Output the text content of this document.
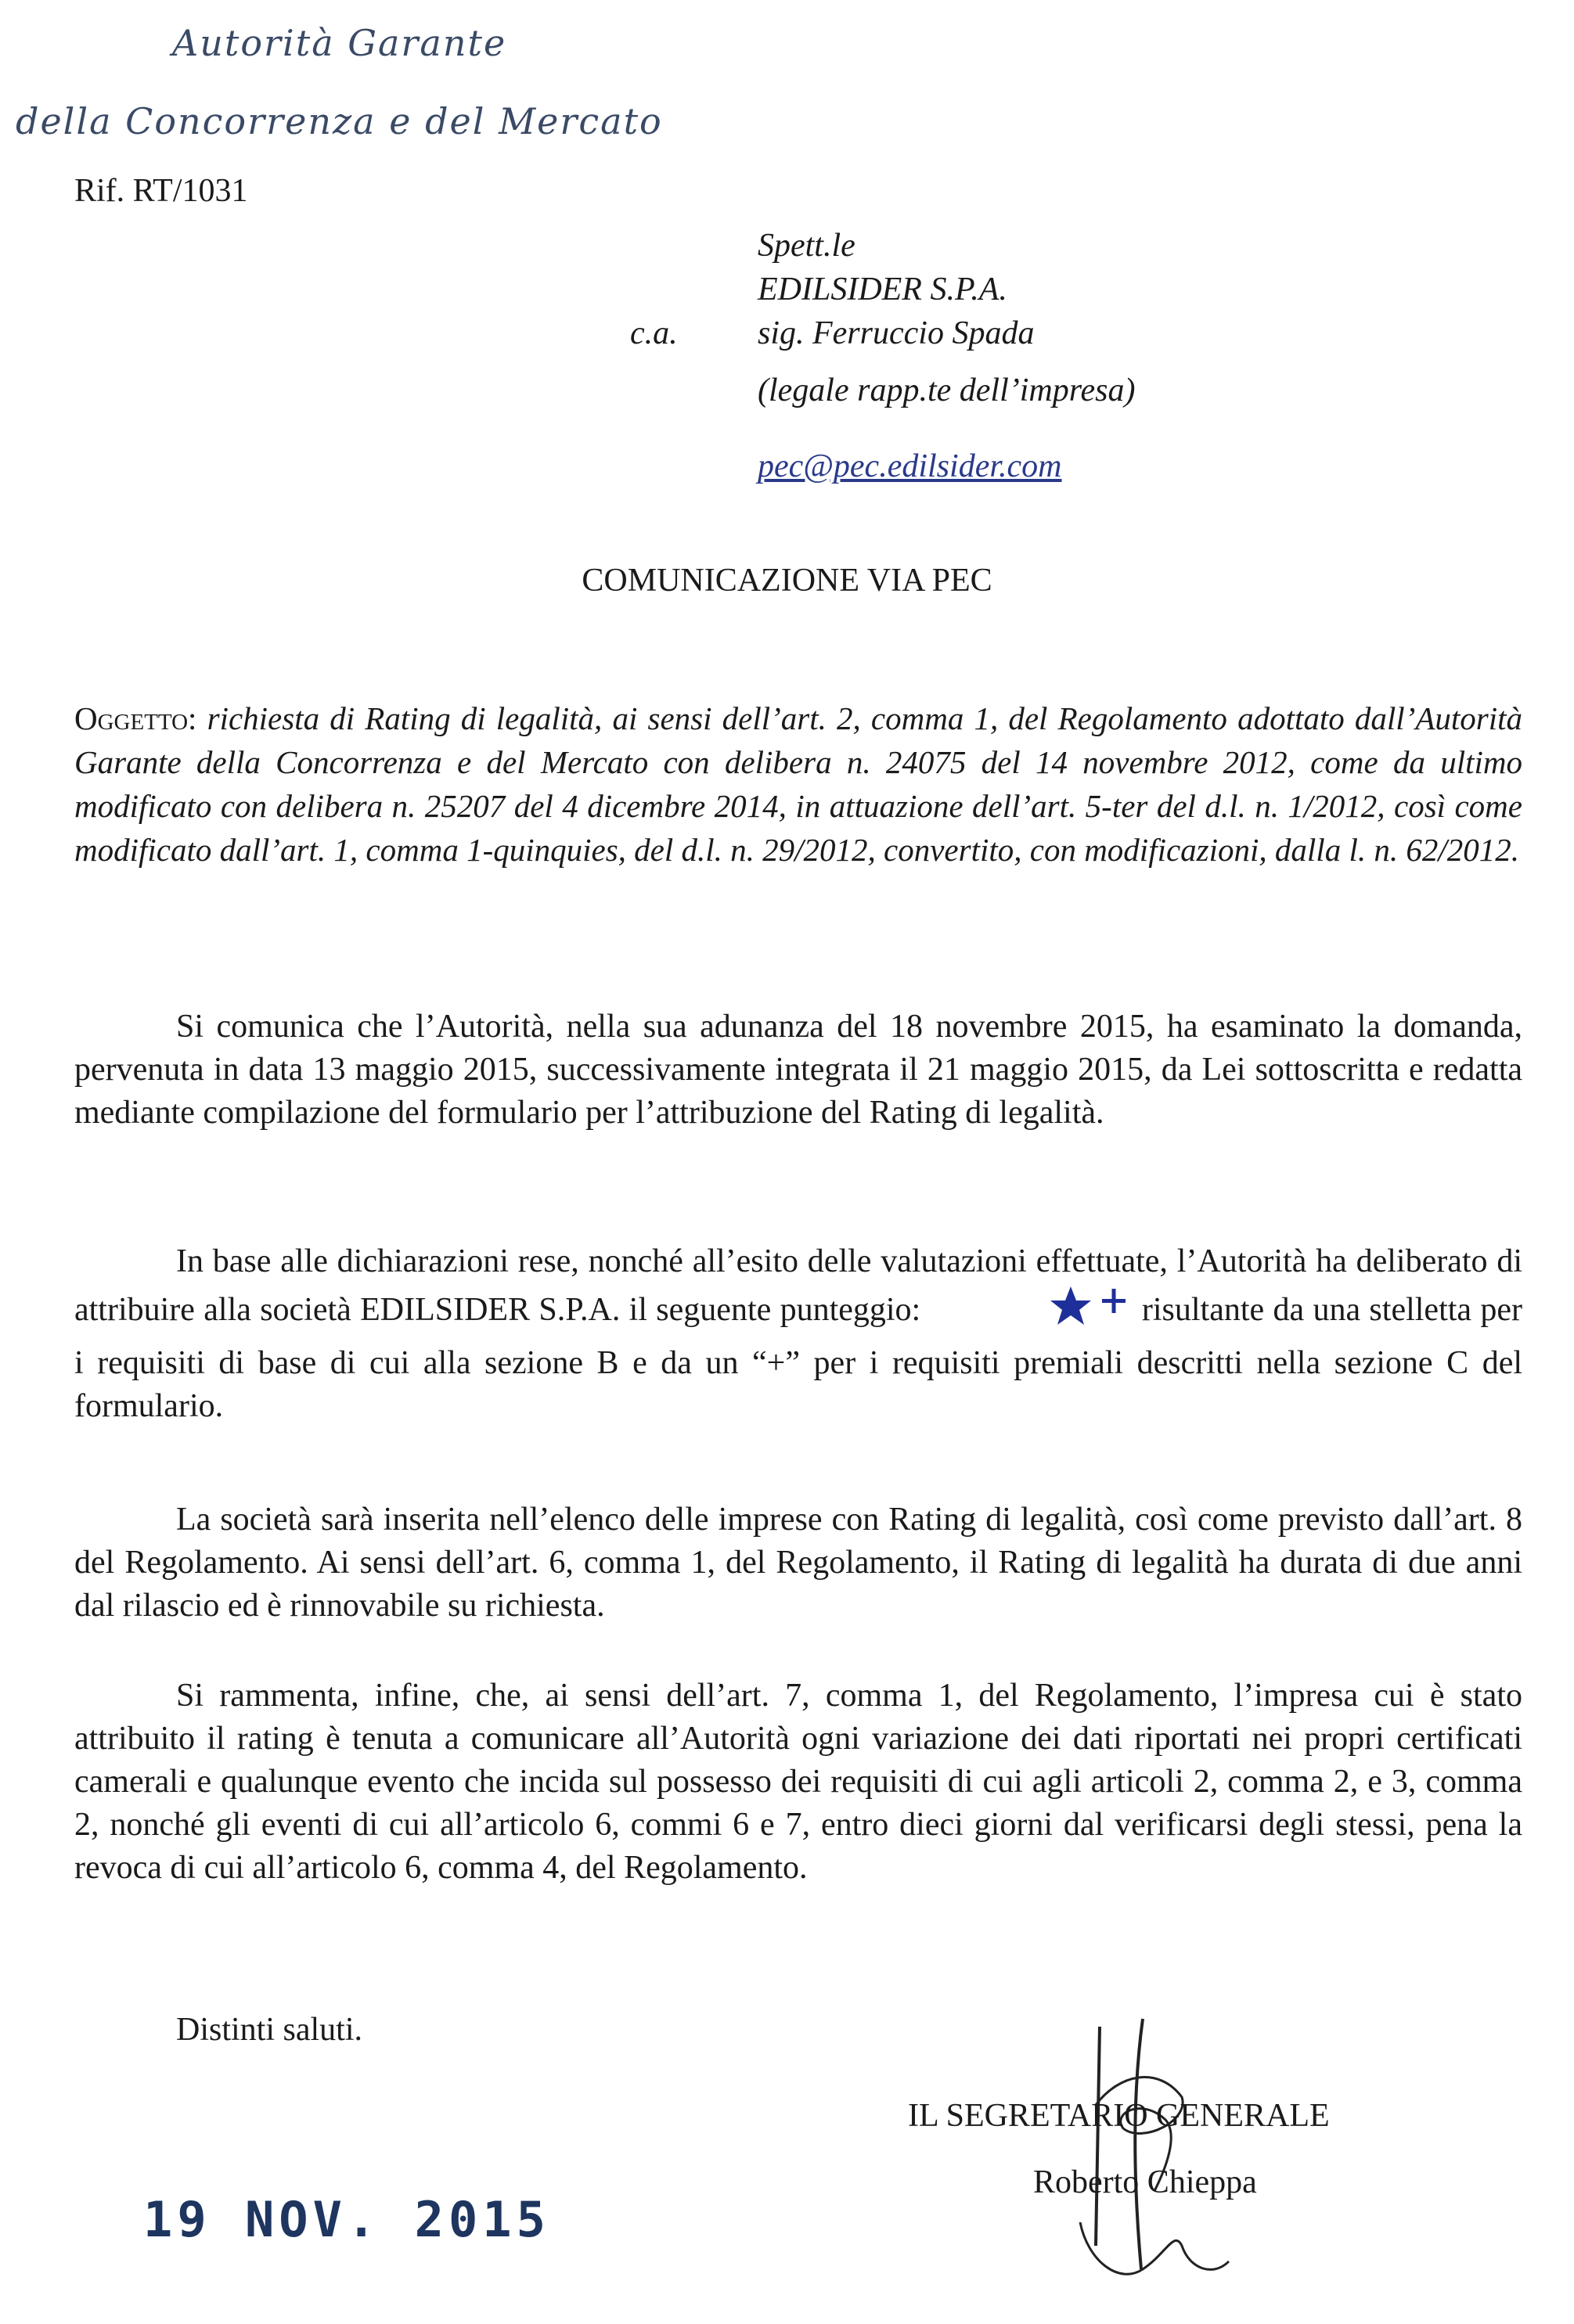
Autorità Garante
della Concorrenza e del Mercato
Rif. RT/1031
Spett.le
EDILSIDER S.P.A.
c.a. sig. Ferruccio Spada
(legale rapp.te dell’impresa)
pec@pec.edilsider.com
COMUNICAZIONE VIA PEC
Oggetto: richiesta di Rating di legalità, ai sensi dell’art. 2, comma 1, del Regolamento adottato dall’Autorità Garante della Concorrenza e del Mercato con delibera n. 24075 del 14 novembre 2012, come da ultimo modificato con delibera n. 25207 del 4 dicembre 2014, in attuazione dell’art. 5-ter del d.l. n. 1/2012, così come modificato dall’art. 1, comma 1-quinquies, del d.l. n. 29/2012, convertito, con modificazioni, dalla l. n. 62/2012.

Si comunica che l’Autorità, nella sua adunanza del 18 novembre 2015, ha esaminato la domanda, pervenuta in data 13 maggio 2015, successivamente integrata il 21 maggio 2015, da Lei sottoscritta e redatta mediante compilazione del formulario per l’attribuzione del Rating di legalità.

In base alle dichiarazioni rese, nonché all’esito delle valutazioni effettuate, l’Autorità ha deliberato di attribuire alla società EDILSIDER S.P.A. il seguente punteggio:	risultante da una stelletta per i requisiti di base di cui alla sezione B e da un “+” per i requisiti premiali descritti nella sezione C del formulario.

La società sarà inserita nell’elenco delle imprese con Rating di legalità, così come previsto dall’art. 8 del Regolamento. Ai sensi dell’art. 6, comma 1, del Regolamento, il Rating di legalità ha durata di due anni dal rilascio ed è rinnovabile su richiesta.

Si rammenta, infine, che, ai sensi dell’art. 7, comma 1, del Regolamento, l’impresa cui è stato attribuito il rating è tenuta a comunicare all’Autorità ogni variazione dei dati riportati nei propri certificati camerali e qualunque evento che incida sul possesso dei requisiti di cui agli articoli 2, comma 2, e 3, comma 2, nonché gli eventi di cui all’articolo 6, commi 6 e 7, entro dieci giorni dal verificarsi degli stessi, pena la revoca di cui all’articolo 6, comma 4, del Regolamento.

Distinti saluti.
IL SEGRETARIO GENERALE
Roberto Chieppa
19 NOV. 2015
